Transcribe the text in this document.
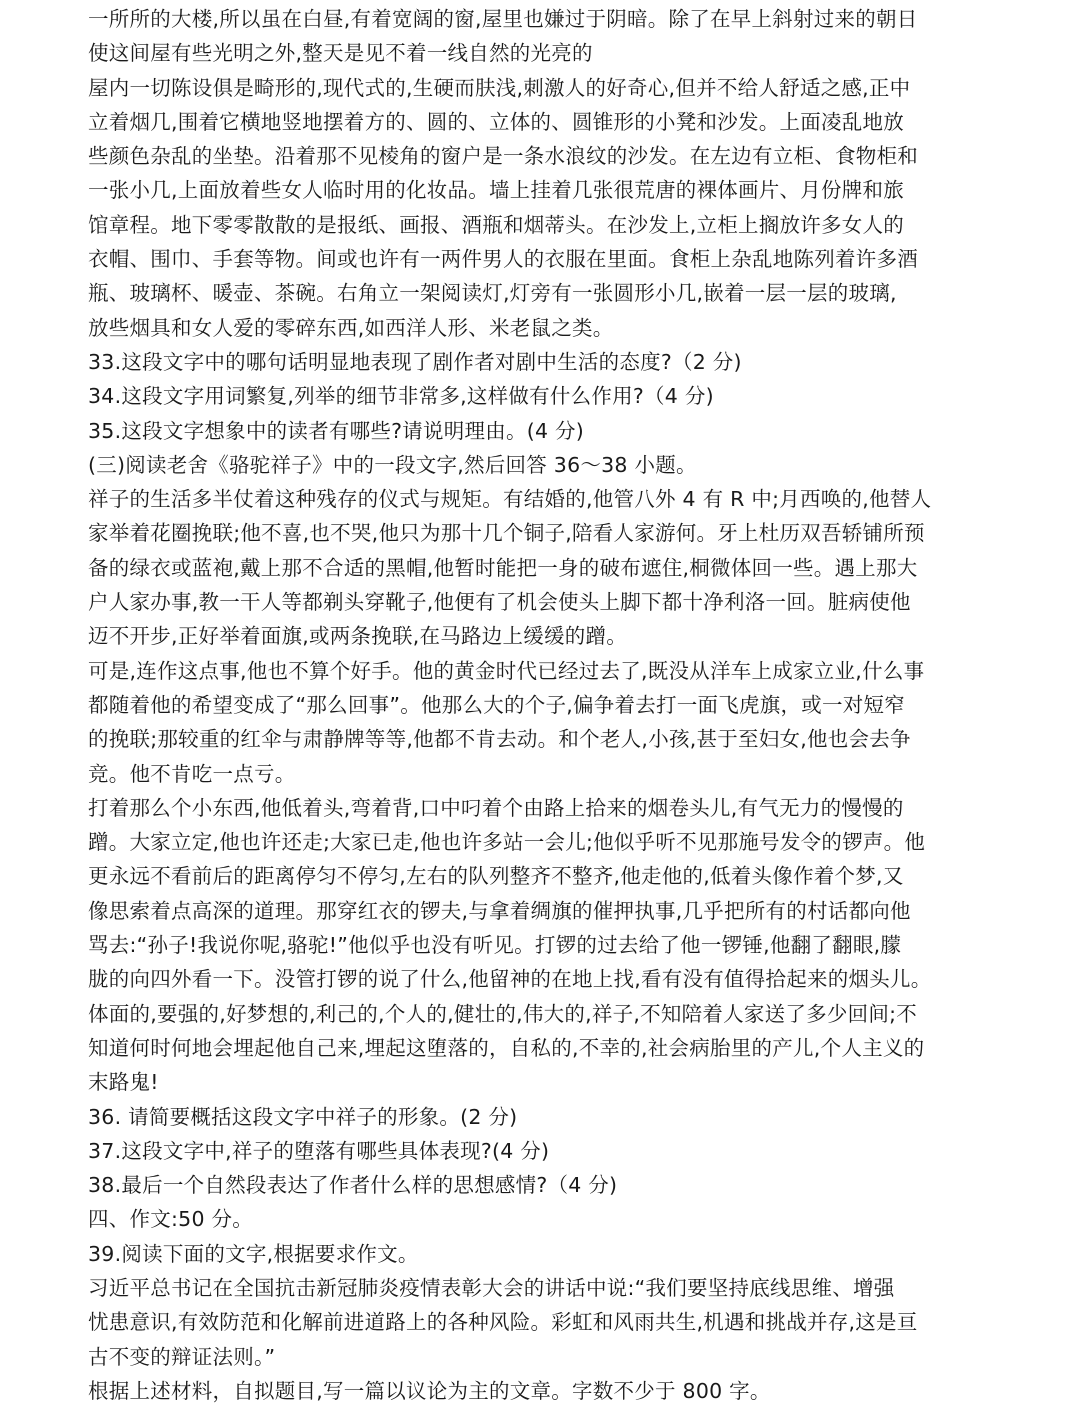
一所所的大楼,所以虽在白昼,有着宽阔的窗,屋里也嫌过于阴暗。除了在早上斜射过来的朝日
使这间屋有些光明之外,整天是见不着一线自然的光亮的

屋内一切陈设俱是畸形的,现代式的,生硬而肤浅,刺激人的好奇心,但并不给人舒适之感,正中
立着烟几,围着它横地竖地摆着方的、圆的、立体的、圆锥形的小凳和沙发。上面凌乱地放
些颜色杂乱的坐垫。沿着那不见棱角的窗户是一条水浪纹的沙发。在左边有立柜、食物柜和
一张小几,上面放着些女人临时用的化妆品。墙上挂着几张很荒唐的裸体画片、月份牌和旅
馆章程。地下零零散散的是报纸、画报、酒瓶和烟蒂头。在沙发上,立柜上搁放许多女人的
衣帽、围巾、手套等物。间或也许有一两件男人的衣服在里面。食柜上杂乱地陈列着许多酒
瓶、玻璃杯、暖壶、茶碗。右角立一架阅读灯,灯旁有一张圆形小几,嵌着一层一层的玻璃,
放些烟具和女人爱的零碎东西,如西洋人形、米老鼠之类。

33.这段文字中的哪句话明显地表现了剧作者对剧中生活的态度?（2 分)

34.这段文字用词繁复,列举的细节非常多,这样做有什么作用?（4 分)

35.这段文字想象中的读者有哪些?请说明理由。(4 分)

(三)阅读老舍《骆驼祥子》中的一段文字,然后回答 36～38 小题。

祥子的生活多半仗着这种残存的仪式与规矩。有结婚的,他管八外 4 有 R 中;月西唤的,他替人
家举着花圈挽联;他不喜,也不哭,他只为那十几个铜子,陪看人家游何。牙上杜历双吾轿铺所预
备的绿衣或蓝袍,戴上那不合适的黑帽,他暂时能把一身的破布遮住,桐微体回一些。遇上那大
户人家办事,教一干人等都剃头穿靴子,他便有了机会使头上脚下都十净利洛一回。脏病使他
迈不开步,正好举着面旗,或两条挽联,在马路边上缓缓的蹭。

可是,连作这点事,他也不算个好手。他的黄金时代已经过去了,既没从洋车上成家立业,什么事
都随着他的希望变成了“那么回事”。他那么大的个子,偏争着去打一面飞虎旗，或一对短窄
的挽联;那较重的红伞与肃静牌等等,他都不肯去动。和个老人,小孩,甚于至妇女,他也会去争
竞。他不肯吃一点亏。

打着那么个小东西,他低着头,弯着背,口中叼着个由路上拾来的烟卷头儿,有气无力的慢慢的
蹭。大家立定,他也许还走;大家已走,他也许多站一会儿;他似乎听不见那施号发令的锣声。他
更永远不看前后的距离停匀不停匀,左右的队列整齐不整齐,他走他的,低着头像作着个梦,又
像思索着点高深的道理。那穿红衣的锣夫,与拿着绸旗的催押执事,几乎把所有的村话都向他
骂去:“孙子!我说你呢,骆驼!”他似乎也没有听见。打锣的过去给了他一锣锤,他翻了翻眼,朦
胧的向四外看一下。没管打锣的说了什么,他留神的在地上找,看有没有值得拾起来的烟头儿。

体面的,要强的,好梦想的,利己的,个人的,健壮的,伟大的,祥子,不知陪着人家送了多少回间;不
知道何时何地会埋起他自己来,埋起这堕落的，自私的,不幸的,社会病胎里的产儿,个人主义的
末路鬼!

36. 请简要概括这段文字中祥子的形象。(2 分)

37.这段文字中,祥子的堕落有哪些具体表现?(4 分)

38.最后一个自然段表达了作者什么样的思想感情?（4 分)

四、作文:50 分。

39.阅读下面的文字,根据要求作文。

习近平总书记在全国抗击新冠肺炎疫情表彰大会的讲话中说:“我们要坚持底线思维、增强
忧患意识,有效防范和化解前进道路上的各种风险。彩虹和风雨共生,机遇和挑战并存,这是亘
古不变的辩证法则。”

根据上述材料，自拟题目,写一篇以议论为主的文章。字数不少于 800 字。
